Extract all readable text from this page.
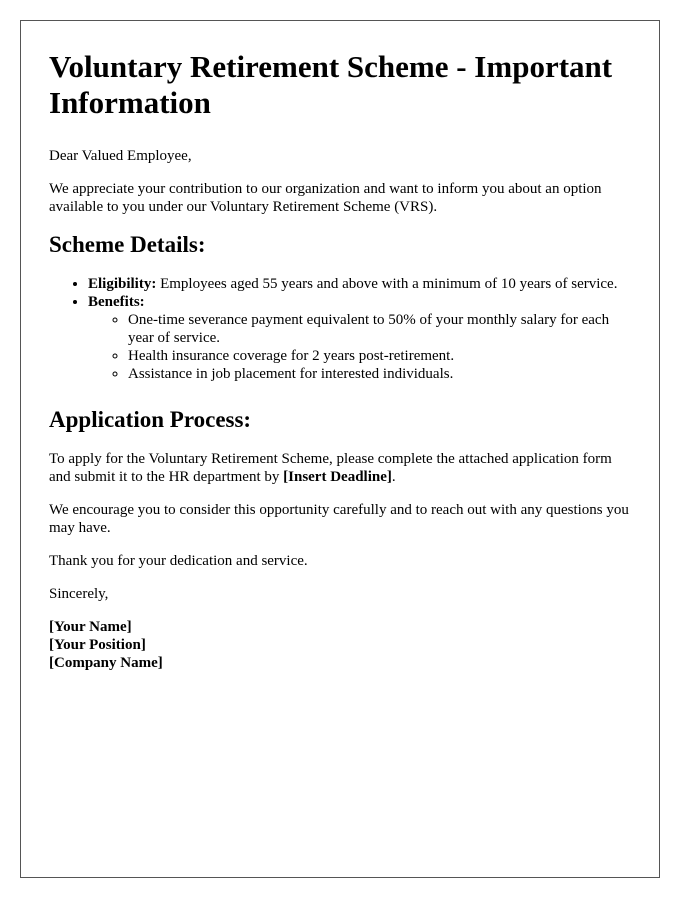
Voluntary Retirement Scheme - Important Information

Dear Valued Employee,

We appreciate your contribution to our organization and want to inform you about an option available to you under our Voluntary Retirement Scheme (VRS).

Scheme Details:
• Eligibility: Employees aged 55 years and above with a minimum of 10 years of service.
• Benefits:
◦ One-time severance payment equivalent to 50% of your monthly salary for each year of service.
◦ Health insurance coverage for 2 years post-retirement.
◦ Assistance in job placement for interested individuals.
Application Process:

To apply for the Voluntary Retirement Scheme, please complete the attached application form and submit it to the HR department by [Insert Deadline].

We encourage you to consider this opportunity carefully and to reach out with any questions you may have.

Thank you for your dedication and service.

Sincerely,

[Your Name]
[Your Position]
[Company Name]
